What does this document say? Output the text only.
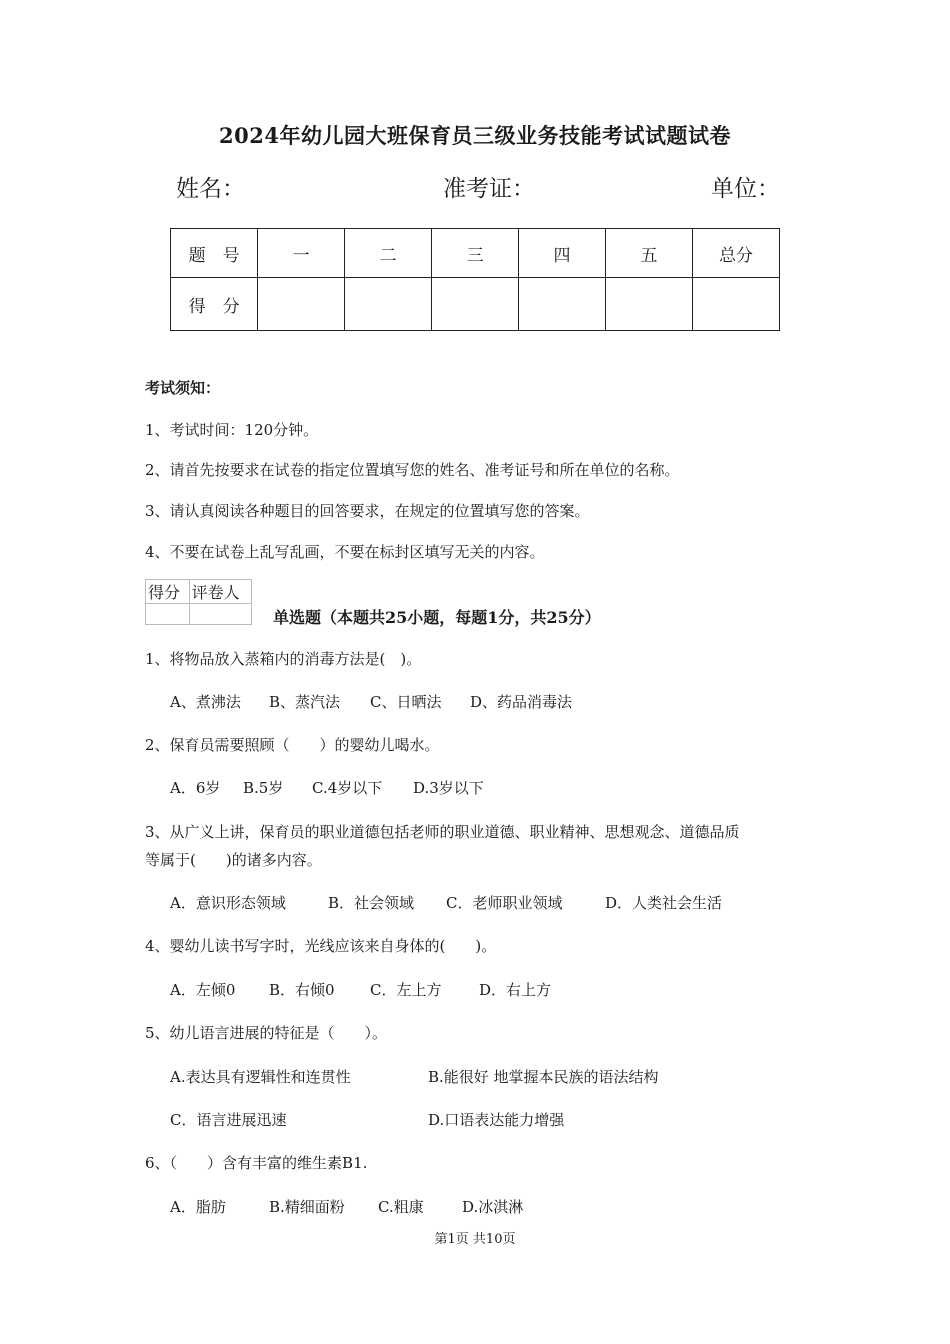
2024年幼儿园大班保育员三级业务技能考试试题试卷
姓名：	准考证：	单位：
题　号	一	二	三	四	五	总分
得　分						
考试须知：
1、考试时间：120分钟。
2、请首先按要求在试卷的指定位置填写您的姓名、准考证号和所在单位的名称。
3、请认真阅读各种题目的回答要求，在规定的位置填写您的答案。
4、不要在试卷上乱写乱画，不要在标封区填写无关的内容。
得分	评卷人

单选题（本题共25小题，每题1分，共25分）
1、将物品放入蒸箱内的消毒方法是(　)。
A、煮沸法 B、蒸汽法 C、日晒法 D、药品消毒法
2、保育员需要照顾（　　）的婴幼儿喝水。
A．6岁 B.5岁 C.4岁以下 D.3岁以下
3、从广义上讲，保育员的职业道德包括老师的职业道德、职业精神、思想观念、道德品质
等属于(　　)的诸多内容。
A．意识形态领域	B．社会领域 C．老师职业领域	D．人类社会生活
4、婴幼儿读书写字时，光线应该来自身体的(　　)。
A．左倾0 B．右倾0 C．左上方	D．右上方
5、幼儿语言进展的特征是（　　）。
A.表达具有逻辑性和连贯性	B.能很好 地掌握本民族的语法结构
C．语言进展迅速	D.口语表达能力增强
6、（　　）含有丰富的维生素B1.
A．脂肪	B.精细面粉 C.粗康	D.冰淇淋
第1页 共10页
